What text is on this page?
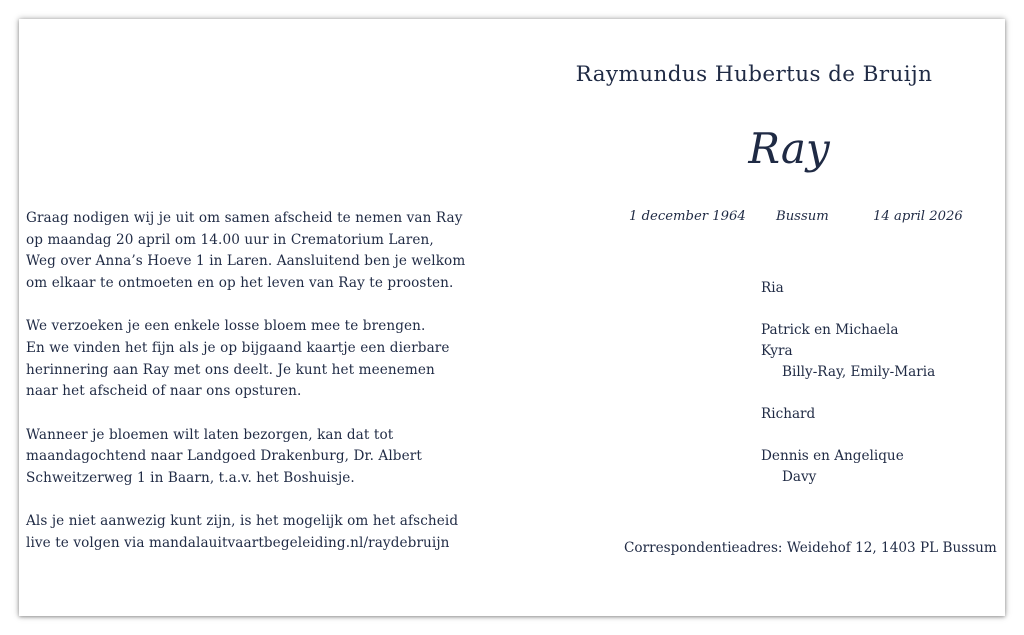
Graag nodigen wij je uit om samen afscheid te nemen van Ray
op maandag 20 april om 14.00 uur in Crematorium Laren,
Weg over Anna’s Hoeve 1 in Laren. Aansluitend ben je welkom
om elkaar te ontmoeten en op het leven van Ray te proosten.

We verzoeken je een enkele losse bloem mee te brengen.
En we vinden het fijn als je op bijgaand kaartje een dierbare
herinnering aan Ray met ons deelt. Je kunt het meenemen
naar het afscheid of naar ons opsturen.

Wanneer je bloemen wilt laten bezorgen, kan dat tot
maandagochtend naar Landgoed Drakenburg, Dr. Albert
Schweitzerweg 1 in Baarn, t.a.v. het Boshuisje.

Als je niet aanwezig kunt zijn, is het mogelijk om het afscheid
live te volgen via mandalauitvaartbegeleiding.nl/raydebruijn

Raymundus Hubertus de Bruijn
Ray
1 december 1964 Bussum	14 april 2026
Ria
Patrick en Michaela
Kyra
Billy-Ray, Emily-Maria
Richard
Dennis en Angelique
Davy
Correspondentieadres: Weidehof 12, 1403 PL Bussum
